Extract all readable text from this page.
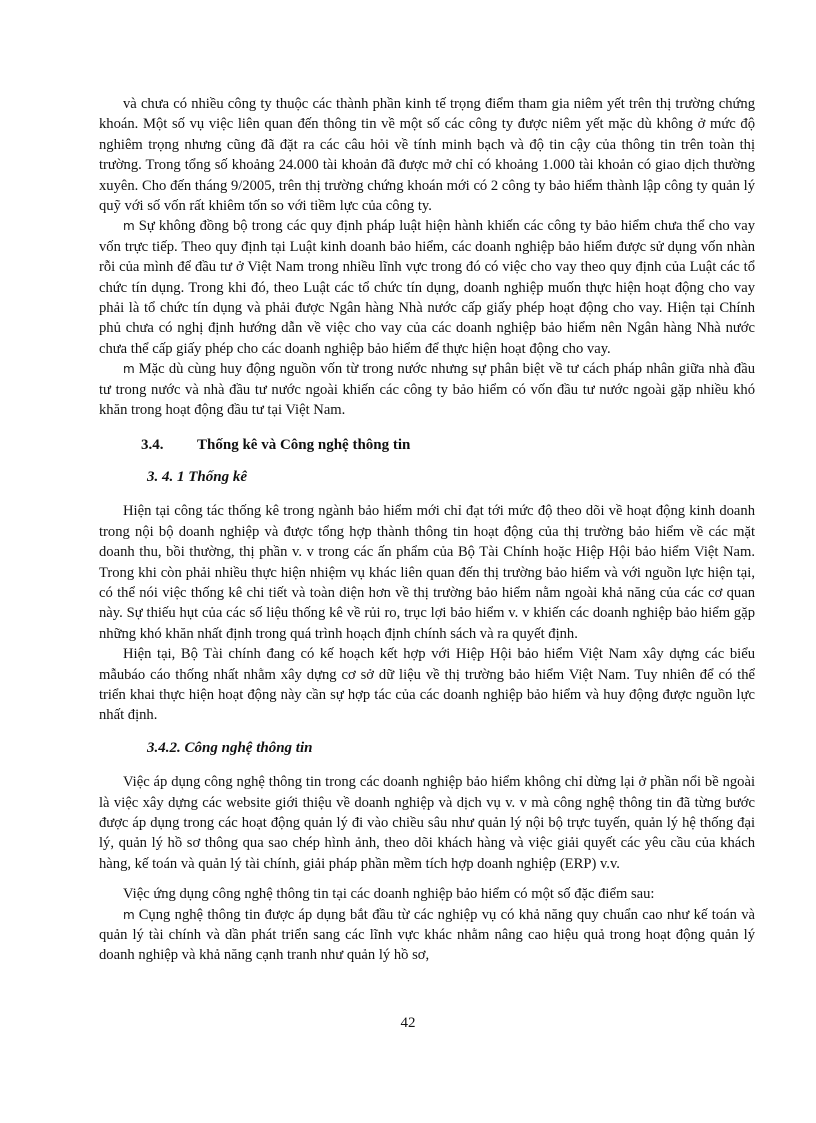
và chưa có nhiều công ty thuộc các thành phần kinh tế trọng điểm tham gia niêm yết trên thị trường chứng khoán. Một số vụ việc liên quan đến thông tin về một số các công ty được niêm yết mặc dù không ở mức độ nghiêm trọng nhưng cũng đã đặt ra các câu hỏi về tính minh bạch và độ tin cậy của thông tin trên toàn thị trường. Trong tổng số khoảng 24.000 tài khoản đã được mở chỉ có khoảng 1.000 tài khoản có giao dịch thường xuyên. Cho đến tháng 9/2005, trên thị trường chứng khoán mới có 2 công ty bảo hiểm thành lập công ty quản lý quỹ với số vốn rất khiêm tốn so với tiềm lực của công ty.

m Sự không đồng bộ trong các quy định pháp luật hiện hành khiến các công ty bảo hiểm chưa thể cho vay vốn trực tiếp. Theo quy định tại Luật kinh doanh bảo hiểm, các doanh nghiệp bảo hiểm được sử dụng vốn nhàn rỗi của mình để đầu tư ở Việt Nam trong nhiều lĩnh vực trong đó có việc cho vay theo quy định của Luật các tổ chức tín dụng. Trong khi đó, theo Luật các tổ chức tín dụng, doanh nghiệp muốn thực hiện hoạt động cho vay phải là tổ chức tín dụng và phải được Ngân hàng Nhà nước cấp giấy phép hoạt động cho vay. Hiện tại Chính phủ chưa có nghị định hướng dẫn về việc cho vay của các doanh nghiệp bảo hiểm nên Ngân hàng Nhà nước chưa thể cấp giấy phép cho các doanh nghiệp bảo hiểm để thực hiện hoạt động cho vay.

m Mặc dù cùng huy động nguồn vốn từ trong nước nhưng sự phân biệt về tư cách pháp nhân giữa nhà đầu tư trong nước và nhà đầu tư nước ngoài khiến các công ty bảo hiểm có vốn đầu tư nước ngoài gặp nhiều khó khăn trong hoạt động đầu tư tại Việt Nam.

3.4. Thống kê và Công nghệ thông tin
3. 4. 1 Thống kê

Hiện tại công tác thống kê trong ngành bảo hiểm mới chỉ đạt tới mức độ theo dõi về hoạt động kinh doanh trong nội bộ doanh nghiệp và được tổng hợp thành thông tin hoạt động của thị trường bảo hiểm về các mặt doanh thu, bồi thường, thị phần v. v trong các ấn phẩm của Bộ Tài Chính hoặc Hiệp Hội bảo hiểm Việt Nam. Trong khi còn phải nhiều thực hiện nhiệm vụ khác liên quan đến thị trường bảo hiểm và với nguồn lực hiện tại, có thể nói việc thống kê chi tiết và toàn diện hơn về thị trường bảo hiểm nằm ngoài khả năng của các cơ quan này. Sự thiếu hụt của các số liệu thống kê về rủi ro, trục lợi bảo hiểm v. v khiến các doanh nghiệp bảo hiểm gặp những khó khăn nhất định trong quá trình hoạch định chính sách và ra quyết định.

Hiện tại, Bộ Tài chính đang có kế hoạch kết hợp với Hiệp Hội bảo hiểm Việt Nam xây dựng các biểu mẫubáo cáo thống nhất nhằm xây dựng cơ sở dữ liệu về thị trường bảo hiểm Việt Nam. Tuy nhiên để có thể triển khai thực hiện hoạt động này cần sự hợp tác của các doanh nghiệp bảo hiểm và huy động được nguồn lực nhất định.

3.4.2. Công nghệ thông tin

Việc áp dụng công nghệ thông tin trong các doanh nghiệp bảo hiểm không chỉ dừng lại ở phần nổi bề ngoài là việc xây dựng các website giới thiệu về doanh nghiệp và dịch vụ v. v mà công nghệ thông tin đã từng bước được áp dụng trong các hoạt động quản lý đi vào chiều sâu như quản lý nội bộ trực tuyến, quản lý hệ thống đại lý, quản lý hồ sơ thông qua sao chép hình ảnh, theo dõi khách hàng và việc giải quyết các yêu cầu của khách hàng, kế toán và quản lý tài chính, giải pháp phần mềm tích hợp doanh nghiệp (ERP) v.v.

Việc ứng dụng công nghệ thông tin tại các doanh nghiệp bảo hiểm có một số đặc điểm sau:

m Cụng nghệ thông tin được áp dụng bắt đầu từ các nghiệp vụ có khả năng quy chuẩn cao như kế toán và quản lý tài chính và dần phát triển sang các lĩnh vực khác nhằm nâng cao hiệu quả trong hoạt động quản lý doanh nghiệp và khả năng cạnh tranh như quản lý hồ sơ,

42
